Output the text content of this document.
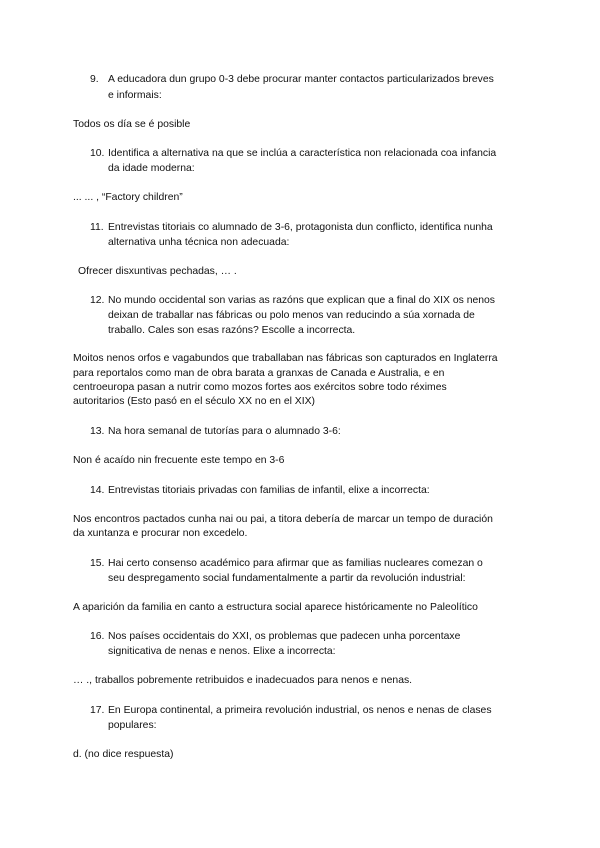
9. A educadora dun grupo 0-3 debe procurar manter contactos particularizados breves
e informais:
Todos os día se é posible
10. Identifica a alternativa na que se inclúa a característica non relacionada coa infancia
da idade moderna:
... ... , “Factory children”
11. Entrevistas titoriais co alumnado de 3-6, protagonista dun conflicto, identifica nunha
alternativa unha técnica non adecuada:
Ofrecer disxuntivas pechadas, … .
12. No mundo occidental son varias as razóns que explican que a final do XIX os nenos
deixan de traballar nas fábricas ou polo menos van reducindo a súa xornada de
traballo. Cales son esas razóns? Escolle a incorrecta.
Moitos nenos orfos e vagabundos que traballaban nas fábricas son capturados en Inglaterra
para reportalos como man de obra barata a granxas de Canada e Australia, e en
centroeuropa pasan a nutrir como mozos fortes aos exércitos sobre todo réximes
autoritarios (Esto pasó en el século XX no en el XIX)
13. Na hora semanal de tutorías para o alumnado 3-6:
Non é acaído nin frecuente este tempo en 3-6
14. Entrevistas titoriais privadas con familias de infantil, elixe a incorrecta:
Nos encontros pactados cunha nai ou pai, a titora debería de marcar un tempo de duración
da xuntanza e procurar non excedelo.
15. Hai certo consenso académico para afirmar que as familias nucleares comezan o
seu despregamento social fundamentalmente a partir da revolución industrial:
A aparición da familia en canto a estructura social aparece históricamente no Paleolítico
16. Nos países occidentais do XXI, os problemas que padecen unha porcentaxe
signiticativa de nenas e nenos. Elixe a incorrecta:
… ., traballos pobremente retribuidos e inadecuados para nenos e nenas.
17. En Europa continental, a primeira revolución industrial, os nenos e nenas de clases
populares:
d. (no dice respuesta)
